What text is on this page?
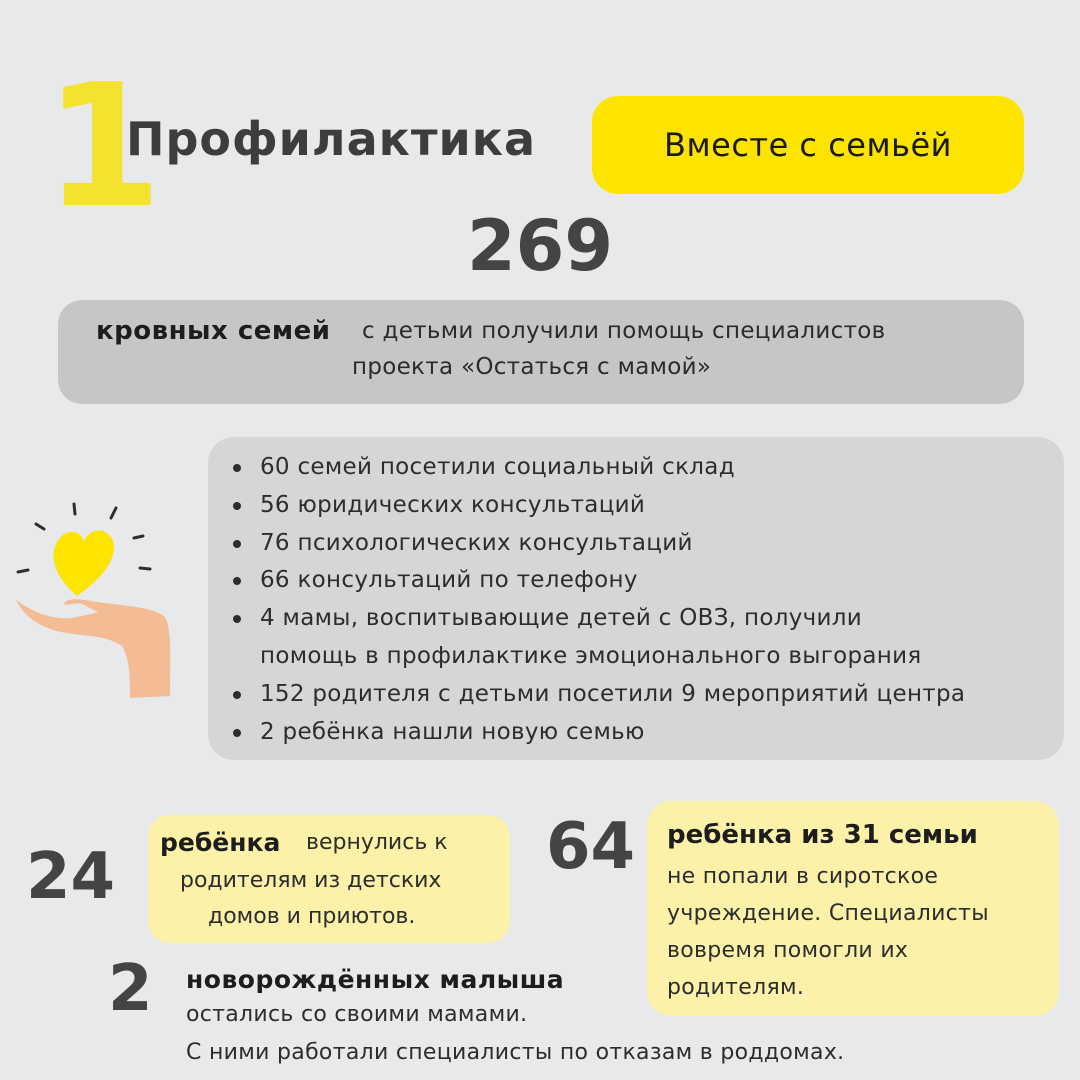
1
Профилактика	Вместе с семьёй
269
кровных семей с детьми получили помощь специалистов
проекта «Остаться с мамой»
60 семей посетили социальный склад
56 юридических консультаций
76 психологических консультаций
66 консультаций по телефону
4 мамы, воспитывающие детей с ОВЗ, получили
помощь в профилактике эмоционального выгорания
152 родителя с детьми посетили 9 мероприятий центра
2 ребёнка нашли новую семью
24 ребёнка вернулись к
родителям из детских
домов и приютов.
64 ребёнка из 31 семьи
не попали в сиротское
учреждение. Специалисты
вовремя помогли их
родителям.
2 новорождённых малыша
остались со своими мамами.
С ними работали специалисты по отказам в роддомах.
